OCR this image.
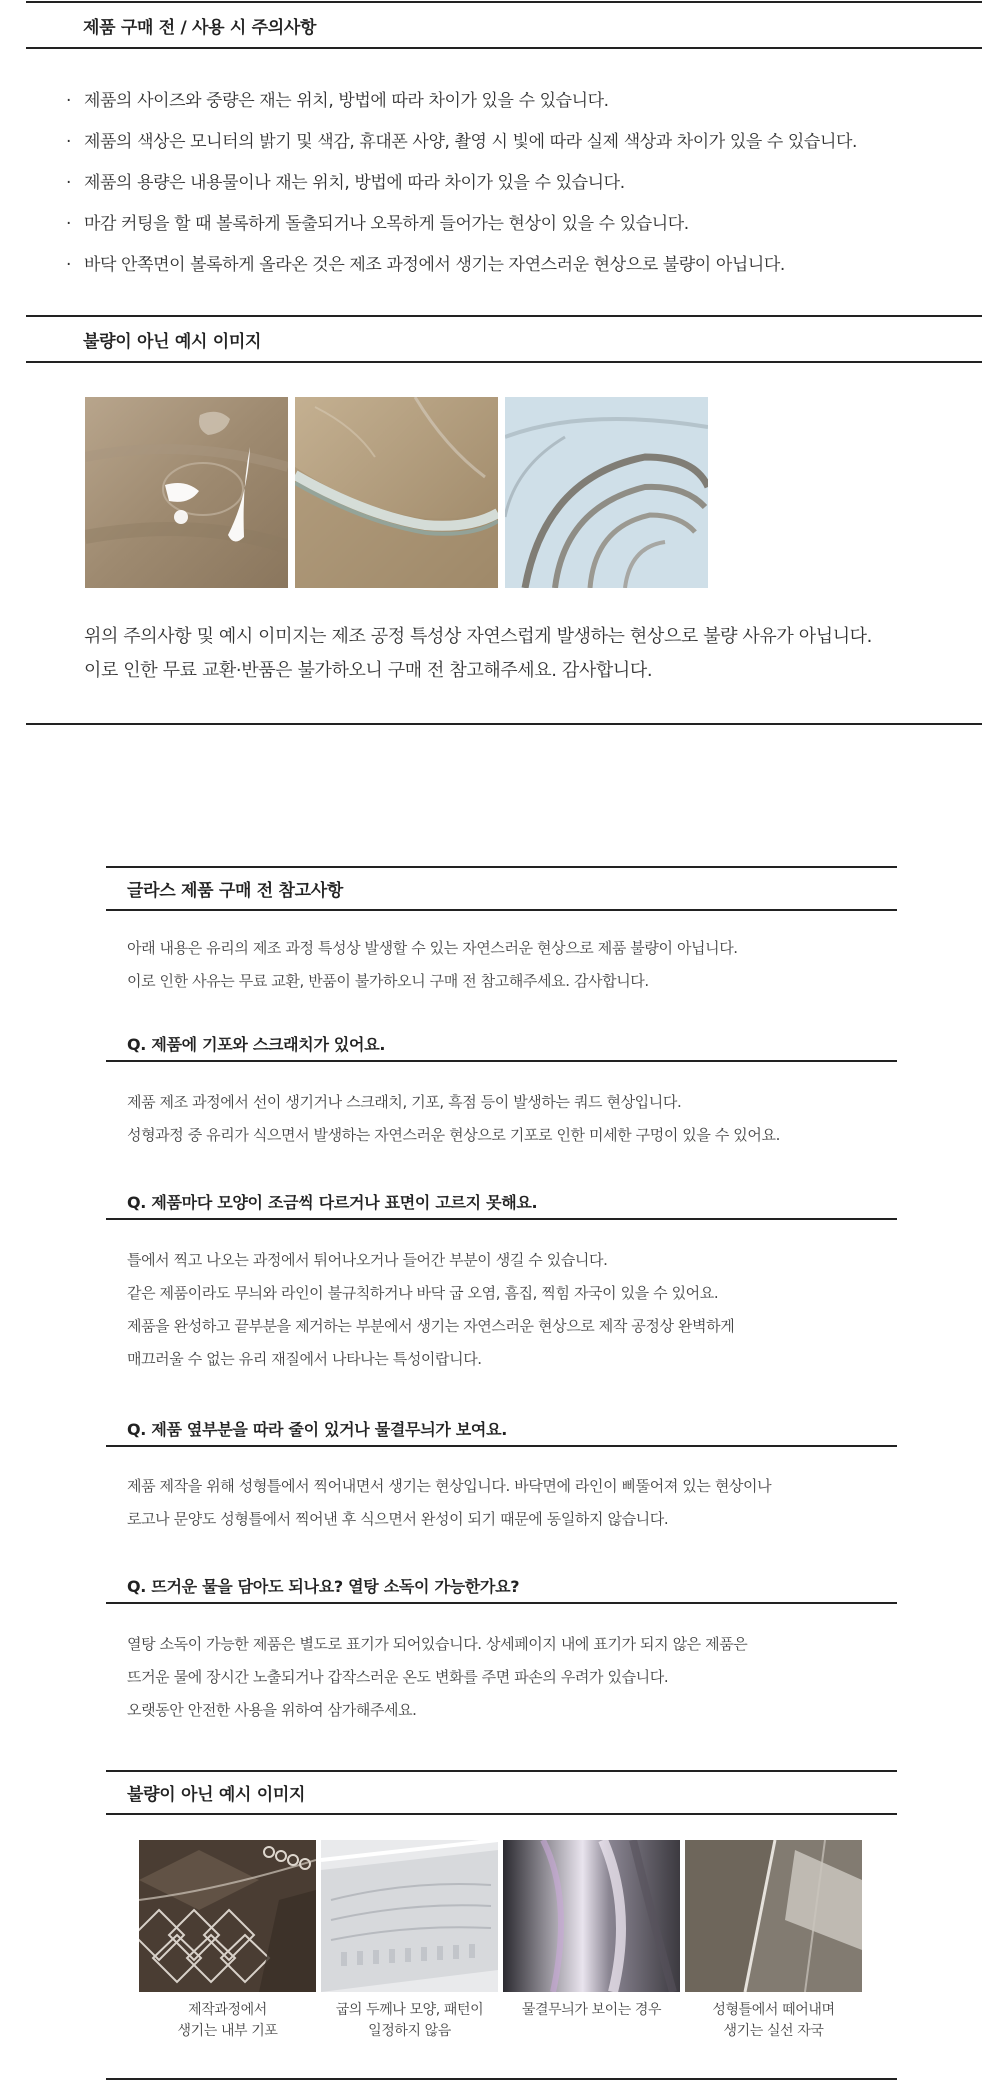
제품 구매 전 / 사용 시 주의사항
· 제품의 사이즈와 중량은 재는 위치, 방법에 따라 차이가 있을 수 있습니다.
· 제품의 색상은 모니터의 밝기 및 색감, 휴대폰 사양, 촬영 시 빛에 따라 실제 색상과 차이가 있을 수 있습니다.
· 제품의 용량은 내용물이나 재는 위치, 방법에 따라 차이가 있을 수 있습니다.
· 마감 커팅을 할 때 볼록하게 돌출되거나 오목하게 들어가는 현상이 있을 수 있습니다.
· 바닥 안쪽면이 볼록하게 올라온 것은 제조 과정에서 생기는 자연스러운 현상으로 불량이 아닙니다.
불량이 아닌 예시 이미지
위의 주의사항 및 예시 이미지는 제조 공정 특성상 자연스럽게 발생하는 현상으로 불량 사유가 아닙니다.
이로 인한 무료 교환·반품은 불가하오니 구매 전 참고해주세요. 감사합니다.
글라스 제품 구매 전 참고사항
아래 내용은 유리의 제조 과정 특성상 발생할 수 있는 자연스러운 현상으로 제품 불량이 아닙니다.
이로 인한 사유는 무료 교환, 반품이 불가하오니 구매 전 참고해주세요. 감사합니다.
Q. 제품에 기포와 스크래치가 있어요.
제품 제조 과정에서 선이 생기거나 스크래치, 기포, 흑점 등이 발생하는 쿼드 현상입니다.
성형과정 중 유리가 식으면서 발생하는 자연스러운 현상으로 기포로 인한 미세한 구멍이 있을 수 있어요.
Q. 제품마다 모양이 조금씩 다르거나 표면이 고르지 못해요.
틀에서 찍고 나오는 과정에서 튀어나오거나 들어간 부분이 생길 수 있습니다.
같은 제품이라도 무늬와 라인이 불규칙하거나 바닥 굽 오염, 흠집, 찍힘 자국이 있을 수 있어요.
제품을 완성하고 끝부분을 제거하는 부분에서 생기는 자연스러운 현상으로 제작 공정상 완벽하게
매끄러울 수 없는 유리 재질에서 나타나는 특성이랍니다.
Q. 제품 옆부분을 따라 줄이 있거나 물결무늬가 보여요.
제품 제작을 위해 성형틀에서 찍어내면서 생기는 현상입니다. 바닥면에 라인이 삐뚤어져 있는 현상이나
로고나 문양도 성형틀에서 찍어낸 후 식으면서 완성이 되기 때문에 동일하지 않습니다.
Q. 뜨거운 물을 담아도 되나요? 열탕 소독이 가능한가요?
열탕 소독이 가능한 제품은 별도로 표기가 되어있습니다. 상세페이지 내에 표기가 되지 않은 제품은
뜨거운 물에 장시간 노출되거나 갑작스러운 온도 변화를 주면 파손의 우려가 있습니다.
오랫동안 안전한 사용을 위하여 삼가해주세요.
불량이 아닌 예시 이미지
제작과정에서
생기는 내부 기포
굽의 두께나 모양, 패턴이
일정하지 않음
물결무늬가 보이는 경우	성형틀에서 떼어내며
생기는 실선 자국
